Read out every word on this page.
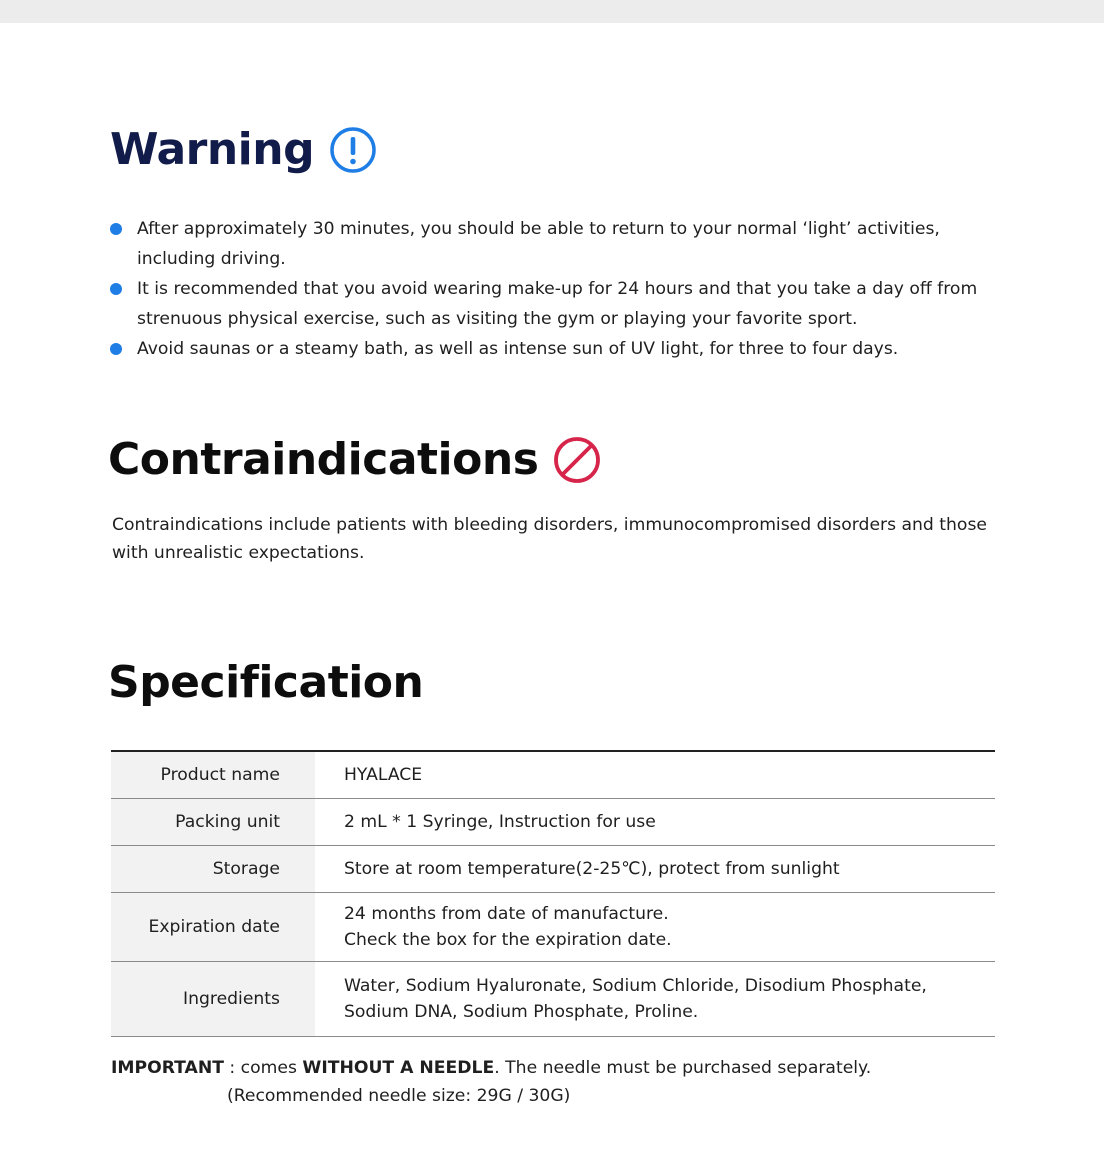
Warning
After approximately 30 minutes, you should be able to return to your normal ‘light’ activities, including driving.
It is recommended that you avoid wearing make-up for 24 hours and that you take a day off from strenuous physical exercise, such as visiting the gym or playing your favorite sport.
Avoid saunas or a steamy bath, as well as intense sun of UV light, for three to four days.
Contraindications

Contraindications include patients with bleeding disorders, immunocompromised disorders and those with unrealistic expectations.

Specification
Product name	HYALACE
Packing unit	2 mL * 1 Syringe, Instruction for use
Storage	Store at room temperature(2-25℃), protect from sunlight
Expiration date	24 months from date of manufacture.
Check the box for the expiration date.
Ingredients	Water, Sodium Hyaluronate, Sodium Chloride, Disodium Phosphate,
Sodium DNA, Sodium Phosphate, Proline.

IMPORTANT : comes WITHOUT A NEEDLE. The needle must be purchased separately.
(Recommended needle size: 29G / 30G)
